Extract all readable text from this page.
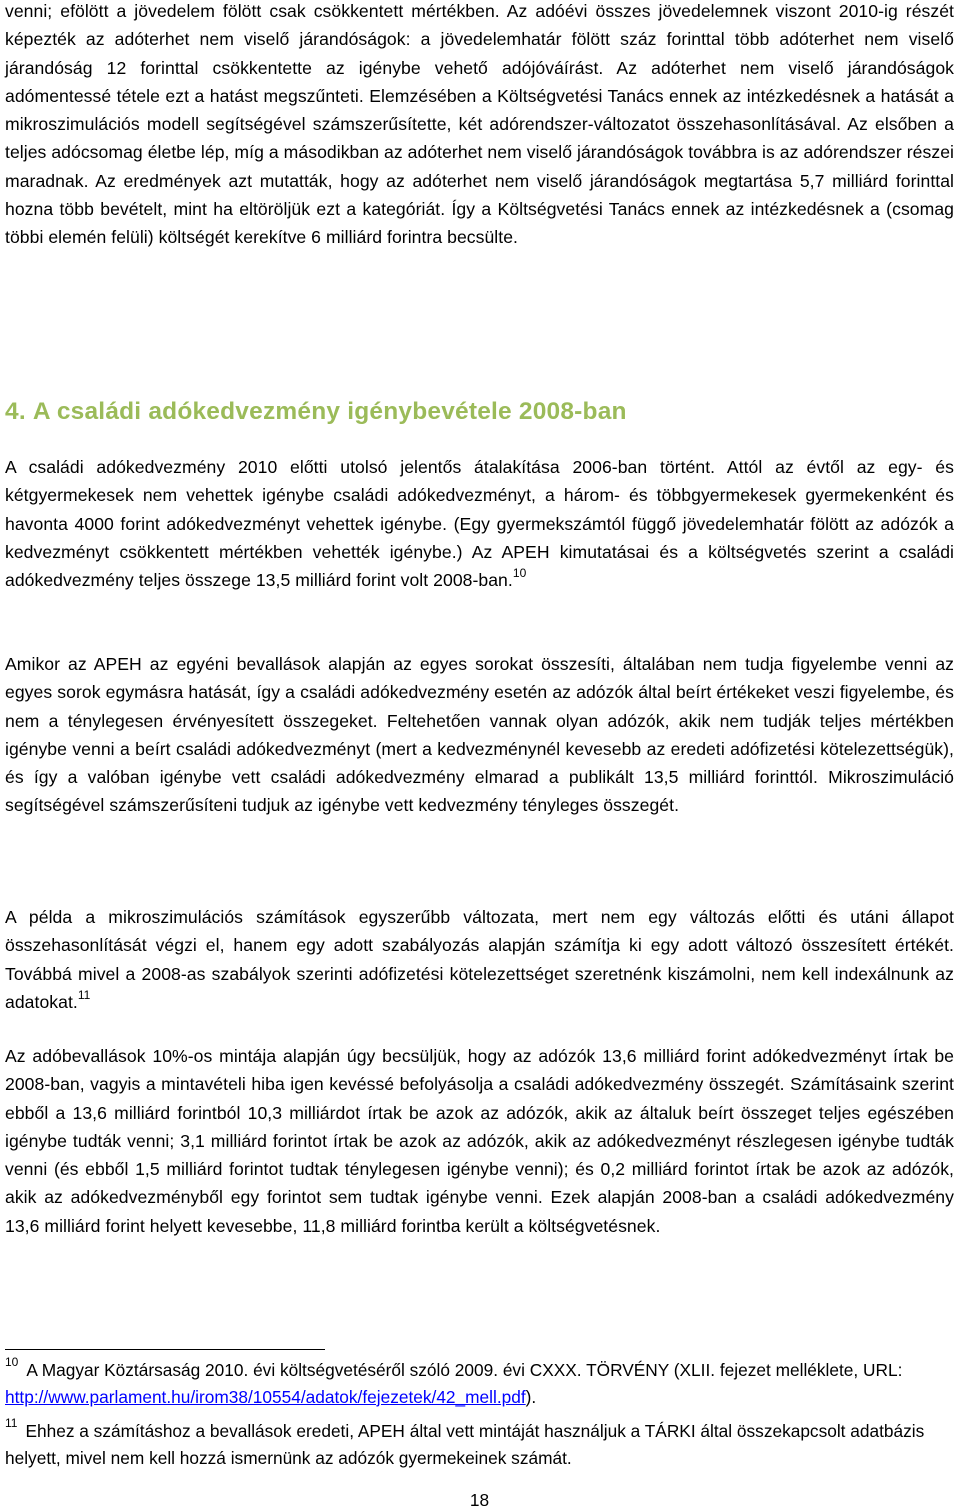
venni; efölött a jövedelem fölött csak csökkentett mértékben. Az adóévi összes jövedelemnek viszont 2010-ig részét képezték az adóterhet nem viselő járandóságok: a jövedelemhatár fölött száz forinttal több adóterhet nem viselő járandóság 12 forinttal csökkentette az igénybe vehető adójóváírást. Az adóterhet nem viselő járandóságok adómentessé tétele ezt a hatást megszűnteti. Elemzésében a Költségvetési Tanács ennek az intézkedésnek a hatását a mikroszimulációs modell segítségével számszerűsítette, két adórendszer-változatot összehasonlításával. Az elsőben a teljes adócsomag életbe lép, míg a másodikban az adóterhet nem viselő járandóságok továbbra is az adórendszer részei maradnak. Az eredmények azt mutatták, hogy az adóterhet nem viselő járandóságok megtartása 5,7 milliárd forinttal hozna több bevételt, mint ha eltöröljük ezt a kategóriát. Így a Költségvetési Tanács ennek az intézkedésnek a (csomag többi elemén felüli) költségét kerekítve 6 milliárd forintra becsülte.

4. A családi adókedvezmény igénybevétele 2008-ban

A családi adókedvezmény 2010 előtti utolsó jelentős átalakítása 2006-ban történt. Attól az évtől az egy- és kétgyermekesek nem vehettek igénybe családi adókedvezményt, a három- és többgyermekesek gyermekenként és havonta 4000 forint adókedvezményt vehettek igénybe. (Egy gyermekszámtól függő jövedelemhatár fölött az adózók a kedvezményt csökkentett mértékben vehették igénybe.) Az APEH kimutatásai és a költségvetés szerint a családi adókedvezmény teljes összege 13,5 milliárd forint volt 2008-ban.$^{10}$

Amikor az APEH az egyéni bevallások alapján az egyes sorokat összesíti, általában nem tudja figyelembe venni az egyes sorok egymásra hatását, így a családi adókedvezmény esetén az adózók által beírt értékeket veszi figyelembe, és nem a ténylegesen érvényesített összegeket. Feltehetően vannak olyan adózók, akik nem tudják teljes mértékben igénybe venni a beírt családi adókedvezményt (mert a kedvezménynél kevesebb az eredeti adófizetési kötelezettségük), és így a valóban igénybe vett családi adókedvezmény elmarad a publikált 13,5 milliárd forinttól. Mikroszimuláció segítségével számszerűsíteni tudjuk az igénybe vett kedvezmény tényleges összegét.

A példa a mikroszimulációs számítások egyszerűbb változata, mert nem egy változás előtti és utáni állapot összehasonlítását végzi el, hanem egy adott szabályozás alapján számítja ki egy adott változó összesített értékét. Továbbá mivel a 2008-as szabályok szerinti adófizetési kötelezettséget szeretnénk kiszámolni, nem kell indexálnunk az adatokat.$^{11}$

Az adóbevallások 10%-os mintája alapján úgy becsüljük, hogy az adózók 13,6 milliárd forint adókedvezményt írtak be 2008-ban, vagyis a mintavételi hiba igen kevéssé befolyásolja a családi adókedvezmény összegét. Számításaink szerint ebből a 13,6 milliárd forintból 10,3 milliárdot írtak be azok az adózók, akik az általuk beírt összeget teljes egészében igénybe tudták venni; 3,1 milliárd forintot írtak be azok az adózók, akik az adókedvezményt részlegesen igénybe tudták venni (és ebből 1,5 milliárd forintot tudtak ténylegesen igénybe venni); és 0,2 milliárd forintot írtak be azok az adózók, akik az adókedvezményből egy forintot sem tudtak igénybe venni. Ezek alapján 2008-ban a családi adókedvezmény 13,6 milliárd forint helyett kevesebbe, 11,8 milliárd forintba került a költségvetésnek.

$^{10}$ A Magyar Köztársaság 2010. évi költségvetéséről szóló 2009. évi CXXX. TÖRVÉNY (XLII. fejezet melléklete, URL: http://www.parlament.hu/irom38/10554/adatok/fejezetek/42_mell.pdf).

$^{11}$ Ehhez a számításhoz a bevallások eredeti, APEH által vett mintáját használjuk a TÁRKI által összekapcsolt adatbázis helyett, mivel nem kell hozzá ismernünk az adózók gyermekeinek számát.

18
